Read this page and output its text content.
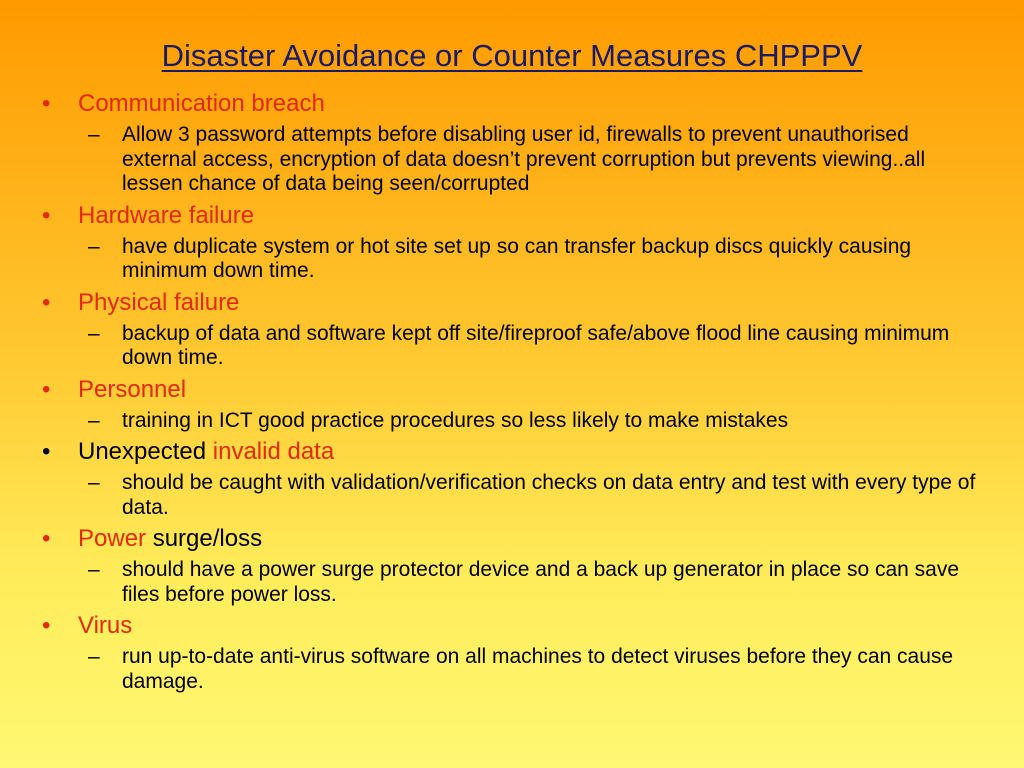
Disaster Avoidance or Counter Measures CHPPPV
• Communication breach
– Allow 3 password attempts before disabling user id, firewalls to prevent unauthorised external access, encryption of data doesn’t prevent corruption but prevents viewing..all lessen chance of data being seen/corrupted
• Hardware failure
– have duplicate system or hot site set up so can transfer backup discs quickly causing minimum down time.
• Physical failure
– backup of data and software kept off site/fireproof safe/above flood line causing minimum down time.
• Personnel
– training in ICT good practice procedures so less likely to make mistakes
• Unexpected invalid data
– should be caught with validation/verification checks on data entry and test with every type of data.
• Power surge/loss
– should have a power surge protector device and a back up generator in place so can save files before power loss.
• Virus
– run up-to-date anti-virus software on all machines to detect viruses before they can cause damage.
